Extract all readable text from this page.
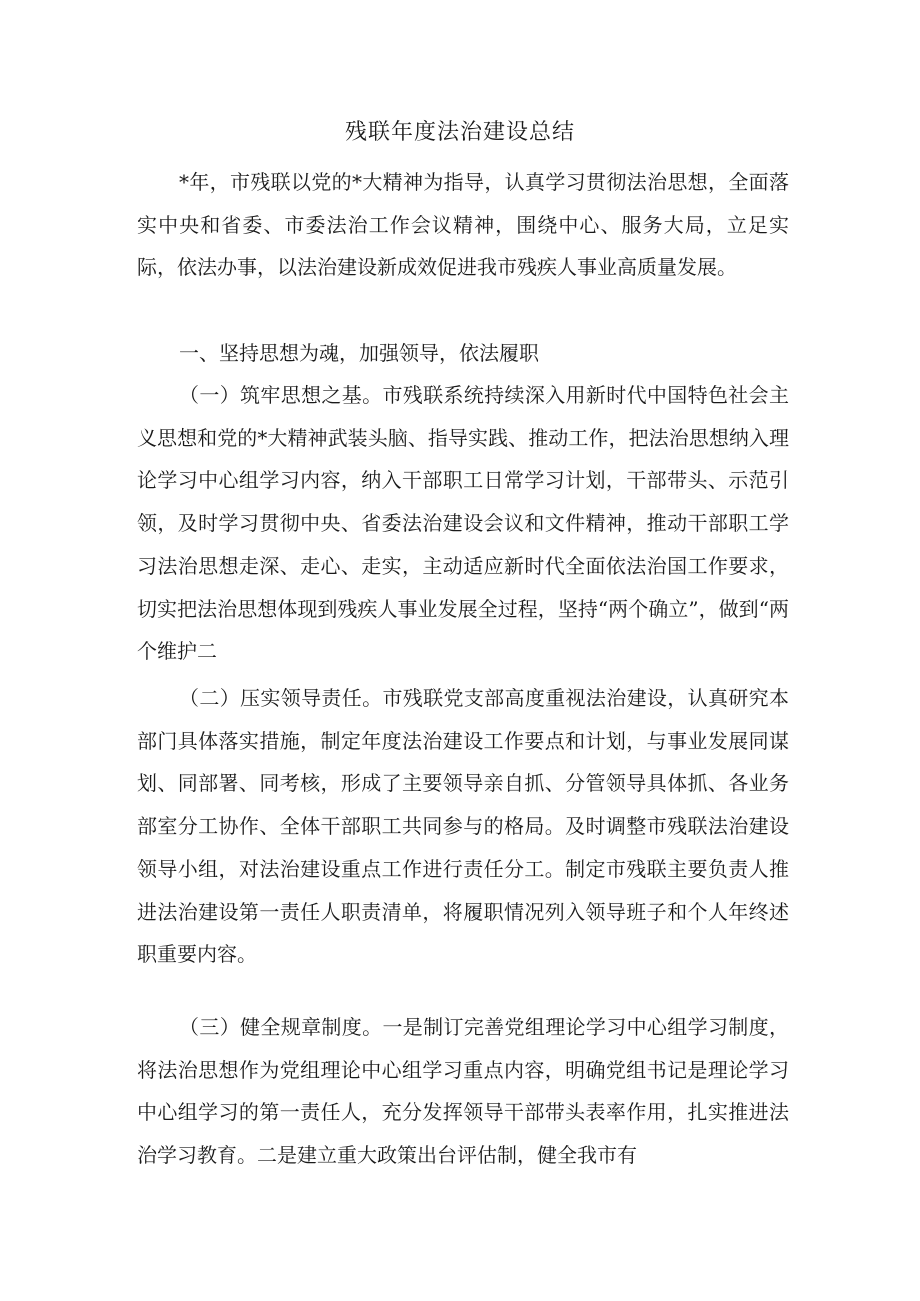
残联年度法治建设总结

*年，市残联以党的*大精神为指导，认真学习贯彻法治思想，全面落实中央和省委、市委法治工作会议精神，围绕中心、服务大局，立足实际，依法办事，以法治建设新成效促进我市残疾人事业高质量发展。

一、坚持思想为魂，加强领导，依法履职

（一）筑牢思想之基。市残联系统持续深入用新时代中国特色社会主义思想和党的*大精神武装头脑、指导实践、推动工作，把法治思想纳入理论学习中心组学习内容，纳入干部职工日常学习计划，干部带头、示范引领，及时学习贯彻中央、省委法治建设会议和文件精神，推动干部职工学习法治思想走深、走心、走实，主动适应新时代全面依法治国工作要求，切实把法治思想体现到残疾人事业发展全过程，坚持“两个确立”，做到“两个维护二

（二）压实领导责任。市残联党支部高度重视法治建设，认真研究本部门具体落实措施，制定年度法治建设工作要点和计划，与事业发展同谋划、同部署、同考核，形成了主要领导亲自抓、分管领导具体抓、各业务部室分工协作、全体干部职工共同参与的格局。及时调整市残联法治建设领导小组，对法治建设重点工作进行责任分工。制定市残联主要负责人推进法治建设第一责任人职责清单，将履职情况列入领导班子和个人年终述职重要内容。

（三）健全规章制度。一是制订完善党组理论学习中心组学习制度，将法治思想作为党组理论中心组学习重点内容，明确党组书记是理论学习中心组学习的第一责任人，充分发挥领导干部带头表率作用，扎实推进法治学习教育。二是建立重大政策出台评估制，健全我市有
